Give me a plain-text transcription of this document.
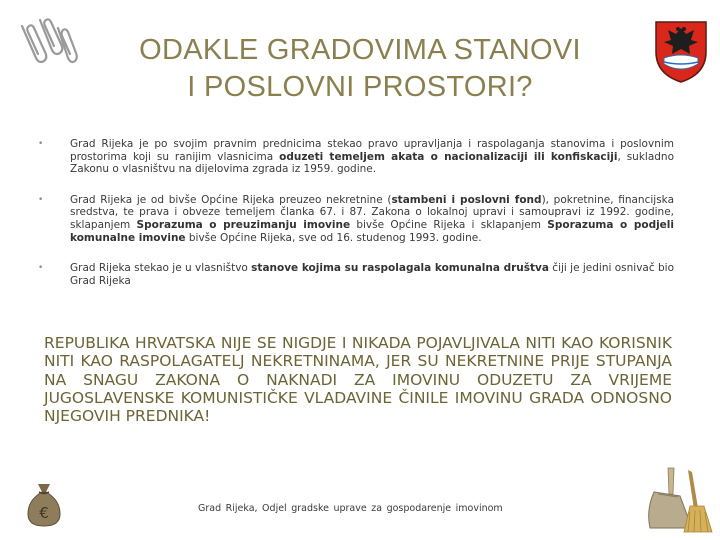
ODAKLE GRADOVIMA STANOVI
I POSLOVNI PROSTORI?
•	Grad Rijeka je po svojim pravnim prednicima stekao pravo upravljanja i raspolaganja stanovima i poslovnim prostorima koji su ranijim vlasnicima oduzeti temeljem akata o nacionalizaciji ili konfiskaciji, sukladno Zakonu o vlasništvu na dijelovima zgrada iz 1959. godine.
•	Grad Rijeka je od bivše Općine Rijeka preuzeo nekretnine (stambeni i poslovni fond), pokretnine, financijska sredstva, te prava i obveze temeljem članka 67. i 87. Zakona o lokalnoj upravi i samoupravi iz 1992. godine, sklapanjem Sporazuma o preuzimanju imovine bivše Općine Rijeka i sklapanjem Sporazuma o podjeli komunalne imovine bivše Općine Rijeka, sve od 16. studenog 1993. godine.
•	Grad Rijeka stekao je u vlasništvo stanove kojima su raspolagala komunalna društva čiji je jedini osnivač bio Grad Rijeka
REPUBLIKA HRVATSKA NIJE SE NIGDJE I NIKADA POJAVLJIVALA NITI KAO KORISNIK NITI KAO RASPOLAGATELJ NEKRETNINAMA, JER SU NEKRETNINE PRIJE STUPANJA NA SNAGU ZAKONA O NAKNADI ZA IMOVINU ODUZETU ZA VRIJEME JUGOSLAVENSKE KOMUNISTIČKE VLADAVINE ČINILE IMOVINU GRADA ODNOSNO NJEGOVIH PREDNIKA!
€	Grad Rijeka, Odjel gradske uprave za gospodarenje imovinom
